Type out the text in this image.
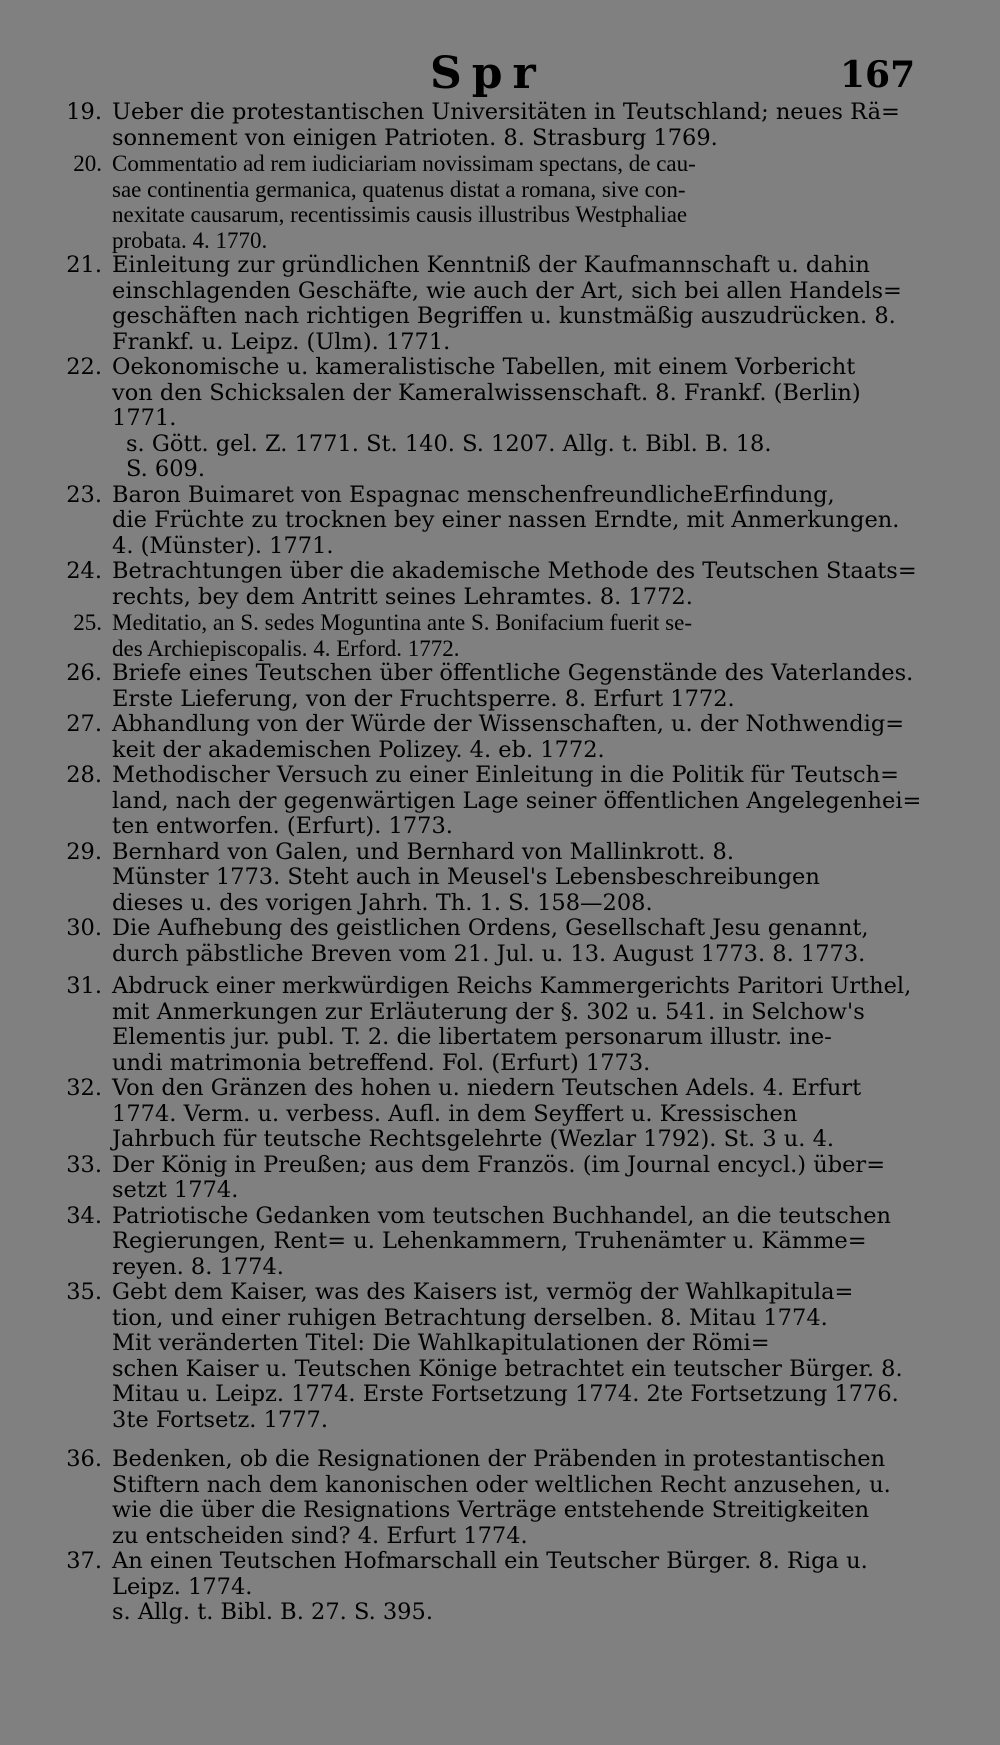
Spr	167
19. Ueber die protestantischen Universitäten in Teutschland; neues Rä=
sonnement von einigen Patrioten. 8. Strasburg 1769.
20. Commentatio ad rem iudiciariam novissimam spectans, de cau-
sae continentia germanica, quatenus distat a romana, sive con-
nexitate causarum, recentissimis causis illustribus Westphaliae
probata. 4. 1770.
21. Einleitung zur gründlichen Kenntniß der Kaufmannschaft u. dahin
einschlagenden Geschäfte, wie auch der Art, sich bei allen Handels=
geschäften nach richtigen Begriffen u. kunstmäßig auszudrücken. 8.
Frankf. u. Leipz. (Ulm). 1771.
22. Oekonomische u. kameralistische Tabellen, mit einem Vorbericht
von den Schicksalen der Kameralwissenschaft. 8. Frankf. (Berlin)
1771.
s. Gött. gel. Z. 1771. St. 140. S. 1207. Allg. t. Bibl. B. 18.
S. 609.
23. Baron Buimaret von Espagnac menschenfreundlicheErfindung,
die Früchte zu trocknen bey einer nassen Erndte, mit Anmerkungen.
4. (Münster). 1771.
24. Betrachtungen über die akademische Methode des Teutschen Staats=
rechts, bey dem Antritt seines Lehramtes. 8. 1772.
25. Meditatio, an S. sedes Moguntina ante S. Bonifacium fuerit se-
des Archiepiscopalis. 4. Erford. 1772.
26. Briefe eines Teutschen über öffentliche Gegenstände des Vaterlandes.
Erste Lieferung, von der Fruchtsperre. 8. Erfurt 1772.
27. Abhandlung von der Würde der Wissenschaften, u. der Nothwendig=
keit der akademischen Polizey. 4. eb. 1772.
28. Methodischer Versuch zu einer Einleitung in die Politik für Teutsch=
land, nach der gegenwärtigen Lage seiner öffentlichen Angelegenhei=
ten entworfen. (Erfurt). 1773.
29. Bernhard von Galen, und Bernhard von Mallinkrott. 8.
Münster 1773. Steht auch in Meusel's Lebensbeschreibungen
dieses u. des vorigen Jahrh. Th. 1. S. 158—208.
30. Die Aufhebung des geistlichen Ordens, Gesellschaft Jesu genannt,
durch päbstliche Breven vom 21. Jul. u. 13. August 1773. 8. 1773.
31. Abdruck einer merkwürdigen Reichs Kammergerichts Paritori Urthel,
mit Anmerkungen zur Erläuterung der §. 302 u. 541. in Selchow's
Elementis jur. publ. T. 2. die libertatem personarum illustr. ine-
undi matrimonia betreffend. Fol. (Erfurt) 1773.
32. Von den Gränzen des hohen u. niedern Teutschen Adels. 4. Erfurt
1774. Verm. u. verbess. Aufl. in dem Seyffert u. Kressischen
Jahrbuch für teutsche Rechtsgelehrte (Wezlar 1792). St. 3 u. 4.
33. Der König in Preußen; aus dem Französ. (im Journal encycl.) über=
setzt 1774.
34. Patriotische Gedanken vom teutschen Buchhandel, an die teutschen
Regierungen, Rent= u. Lehenkammern, Truhenämter u. Kämme=
reyen. 8. 1774.
35. Gebt dem Kaiser, was des Kaisers ist, vermög der Wahlkapitula=
tion, und einer ruhigen Betrachtung derselben. 8. Mitau 1774.
Mit veränderten Titel: Die Wahlkapitulationen der Römi=
schen Kaiser u. Teutschen Könige betrachtet ein teutscher Bürger. 8.
Mitau u. Leipz. 1774. Erste Fortsetzung 1774. 2te Fortsetzung 1776.
3te Fortsetz. 1777.
36. Bedenken, ob die Resignationen der Präbenden in protestantischen
Stiftern nach dem kanonischen oder weltlichen Recht anzusehen, u.
wie die über die Resignations Verträge entstehende Streitigkeiten
zu entscheiden sind? 4. Erfurt 1774.
37. An einen Teutschen Hofmarschall ein Teutscher Bürger. 8. Riga u.
Leipz. 1774.
s. Allg. t. Bibl. B. 27. S. 395.
